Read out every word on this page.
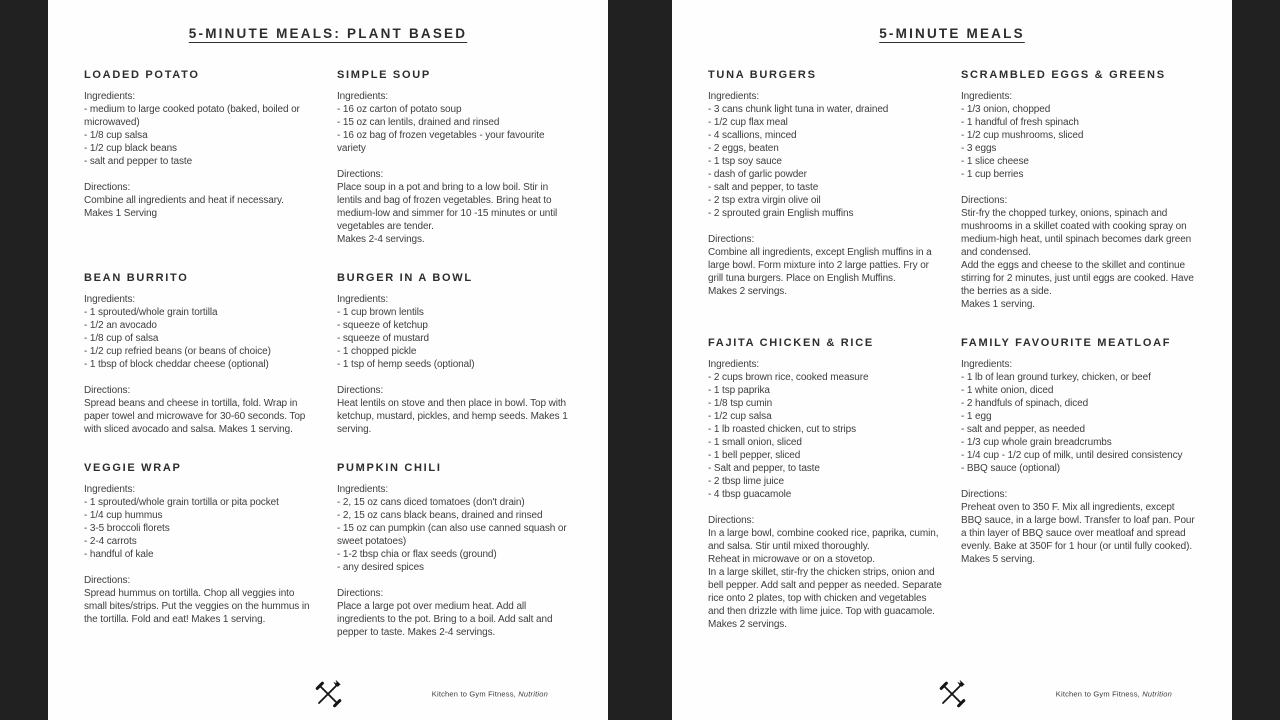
5-MINUTE MEALS: PLANT BASED
LOADED POTATO
Ingredients:
- medium to large cooked potato (baked, boiled or microwaved)
- 1/8 cup salsa
- 1/2 cup black beans
- salt and pepper to taste
Directions:
Combine all ingredients and heat if necessary.
Makes 1 Serving
SIMPLE SOUP
Ingredients:
- 16 oz carton of potato soup
- 15 oz can lentils, drained and rinsed
- 16 oz bag of frozen vegetables - your favourite variety
Directions:
Place soup in a pot and bring to a low boil. Stir in lentils and bag of frozen vegetables. Bring heat to medium-low and simmer for 10 -15 minutes or until vegetables are tender.
Makes 2-4 servings.
BEAN BURRITO
Ingredients:
- 1 sprouted/whole grain tortilla
- 1/2 an avocado
- 1/8 cup of salsa
- 1/2 cup refried beans (or beans of choice)
- 1 tbsp of block cheddar cheese (optional)
Directions:
Spread beans and cheese in tortilla, fold. Wrap in paper towel and microwave for 30-60 seconds. Top with sliced avocado and salsa. Makes 1 serving.
BURGER IN A BOWL
Ingredients:
- 1 cup brown lentils
- squeeze of ketchup
- squeeze of mustard
- 1 chopped pickle
- 1 tsp of hemp seeds (optional)
Directions:
Heat lentils on stove and then place in bowl. Top with ketchup, mustard, pickles, and hemp seeds. Makes 1 serving.
VEGGIE WRAP
Ingredients:
- 1 sprouted/whole grain tortilla or pita pocket
- 1/4 cup hummus
- 3-5 broccoli florets
- 2-4 carrots
- handful of kale
Directions:
Spread hummus on tortilla. Chop all veggies into small bites/strips. Put the veggies on the hummus in the tortilla. Fold and eat! Makes 1 serving.
PUMPKIN CHILI
Ingredients:
- 2, 15 oz cans diced tomatoes (don't drain)
- 2, 15 oz cans black beans, drained and rinsed
- 15 oz can pumpkin (can also use canned squash or sweet potatoes)
- 1-2 tbsp chia or flax seeds (ground)
- any desired spices
Directions:
Place a large pot over medium heat. Add all ingredients to the pot. Bring to a boil. Add salt and pepper to taste. Makes 2-4 servings.
Kitchen to Gym Fitness, Nutrition
5-MINUTE MEALS
TUNA BURGERS
Ingredients:
- 3 cans chunk light tuna in water, drained
- 1/2 cup flax meal
- 4 scallions, minced
- 2 eggs, beaten
- 1 tsp soy sauce
- dash of garlic powder
- salt and pepper, to taste
- 2 tsp extra virgin olive oil
- 2 sprouted grain English muffins
Directions:
Combine all ingredients, except English muffins in a large bowl. Form mixture into 2 large patties. Fry or grill tuna burgers. Place on English Muffins.
Makes 2 servings.
SCRAMBLED EGGS & GREENS
Ingredients:
- 1/3 onion, chopped
- 1 handful of fresh spinach
- 1/2 cup mushrooms, sliced
- 3 eggs
- 1 slice cheese
- 1 cup berries
Directions:
Stir-fry the chopped turkey, onions, spinach and mushrooms in a skillet coated with cooking spray on medium-high heat, until spinach becomes dark green and condensed.
Add the eggs and cheese to the skillet and continue stirring for 2 minutes, just until eggs are cooked. Have the berries as a side.
Makes 1 serving.
FAJITA CHICKEN & RICE
Ingredients:
- 2 cups brown rice, cooked measure
- 1 tsp paprika
- 1/8 tsp cumin
- 1/2 cup salsa
- 1 lb roasted chicken, cut to strips
- 1 small onion, sliced
- 1 bell pepper, sliced
- Salt and pepper, to taste
- 2 tbsp lime juice
- 4 tbsp guacamole
Directions:
In a large bowl, combine cooked rice, paprika, cumin, and salsa. Stir until mixed thoroughly.
Reheat in microwave or on a stovetop.
In a large skillet, stir-fry the chicken strips, onion and bell pepper. Add salt and pepper as needed. Separate rice onto 2 plates, top with chicken and vegetables and then drizzle with lime juice. Top with guacamole.
Makes 2 servings.
FAMILY FAVOURITE MEATLOAF
Ingredients:
- 1 lb of lean ground turkey, chicken, or beef
- 1 white onion, diced
- 2 handfuls of spinach, diced
- 1 egg
- salt and pepper, as needed
- 1/3 cup whole grain breadcrumbs
- 1/4 cup - 1/2 cup of milk, until desired consistency
- BBQ sauce (optional)
Directions:
Preheat oven to 350 F. Mix all ingredients, except BBQ sauce, in a large bowl. Transfer to loaf pan. Pour a thin layer of BBQ sauce over meatloaf and spread evenly. Bake at 350F for 1 hour (or until fully cooked).
Makes 5 serving.
Kitchen to Gym Fitness, Nutrition
